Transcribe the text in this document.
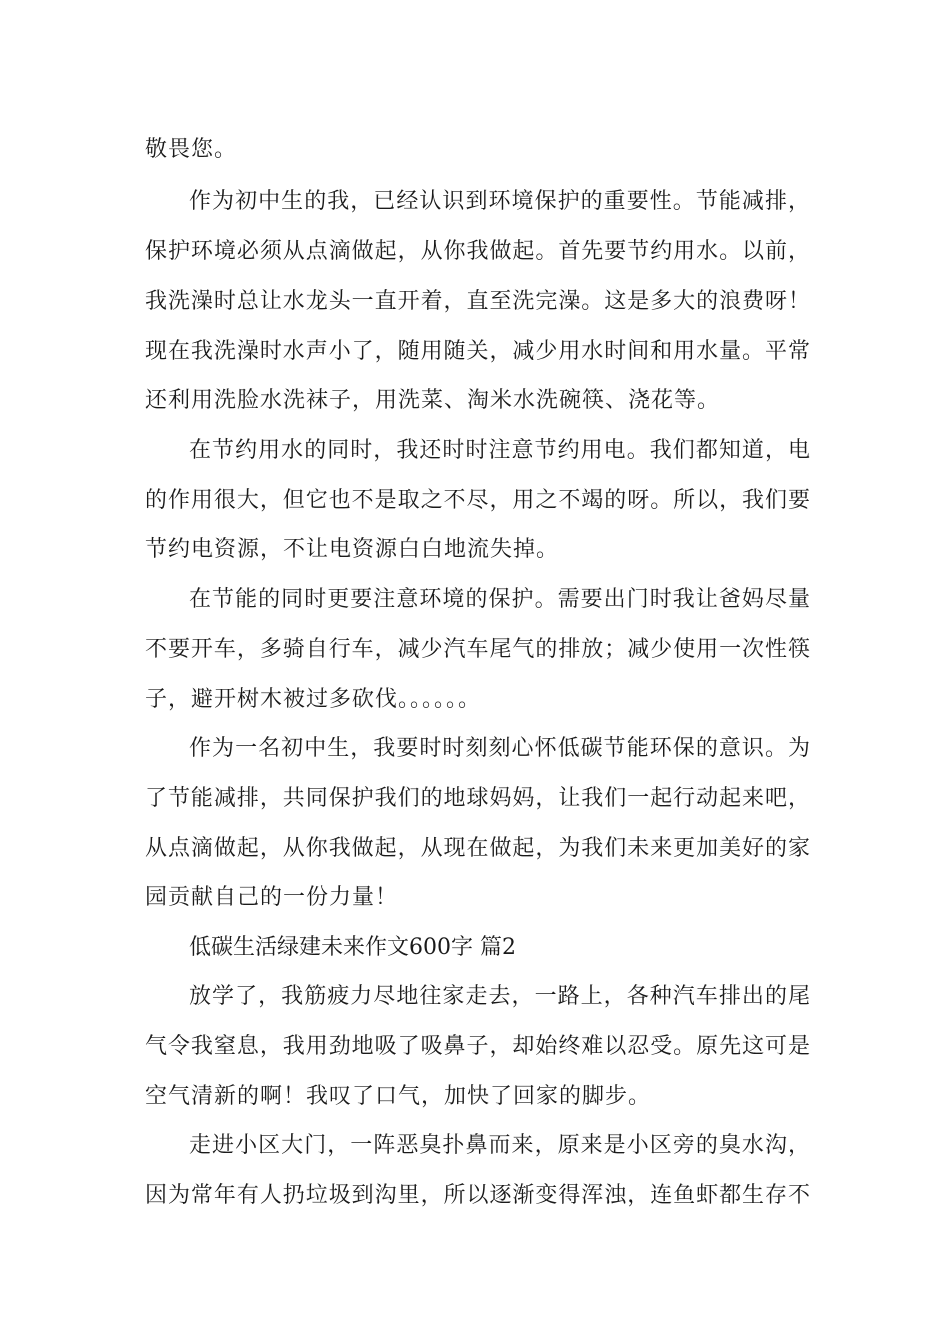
敬畏您。
作为初中生的我，已经认识到环境保护的重要性。节能减排，
保护环境必须从点滴做起，从你我做起。首先要节约用水。以前，
我洗澡时总让水龙头一直开着，直至洗完澡。这是多大的浪费呀！
现在我洗澡时水声小了，随用随关，减少用水时间和用水量。平常
还利用洗脸水洗袜子，用洗菜、淘米水洗碗筷、浇花等。
在节约用水的同时，我还时时注意节约用电。我们都知道，电
的作用很大，但它也不是取之不尽，用之不竭的呀。所以，我们要
节约电资源，不让电资源白白地流失掉。
在节能的同时更要注意环境的保护。需要出门时我让爸妈尽量
不要开车，多骑自行车，减少汽车尾气的排放；减少使用一次性筷
子，避开树木被过多砍伐。。。。。。
作为一名初中生，我要时时刻刻心怀低碳节能环保的意识。为
了节能减排，共同保护我们的地球妈妈，让我们一起行动起来吧，
从点滴做起，从你我做起，从现在做起，为我们未来更加美好的家
园贡献自己的一份力量！
低碳生活绿建未来作文600字 篇2
放学了，我筋疲力尽地往家走去，一路上，各种汽车排出的尾
气令我窒息，我用劲地吸了吸鼻子，却始终难以忍受。原先这可是
空气清新的啊！我叹了口气，加快了回家的脚步。
走进小区大门，一阵恶臭扑鼻而来，原来是小区旁的臭水沟，
因为常年有人扔垃圾到沟里，所以逐渐变得浑浊，连鱼虾都生存不
